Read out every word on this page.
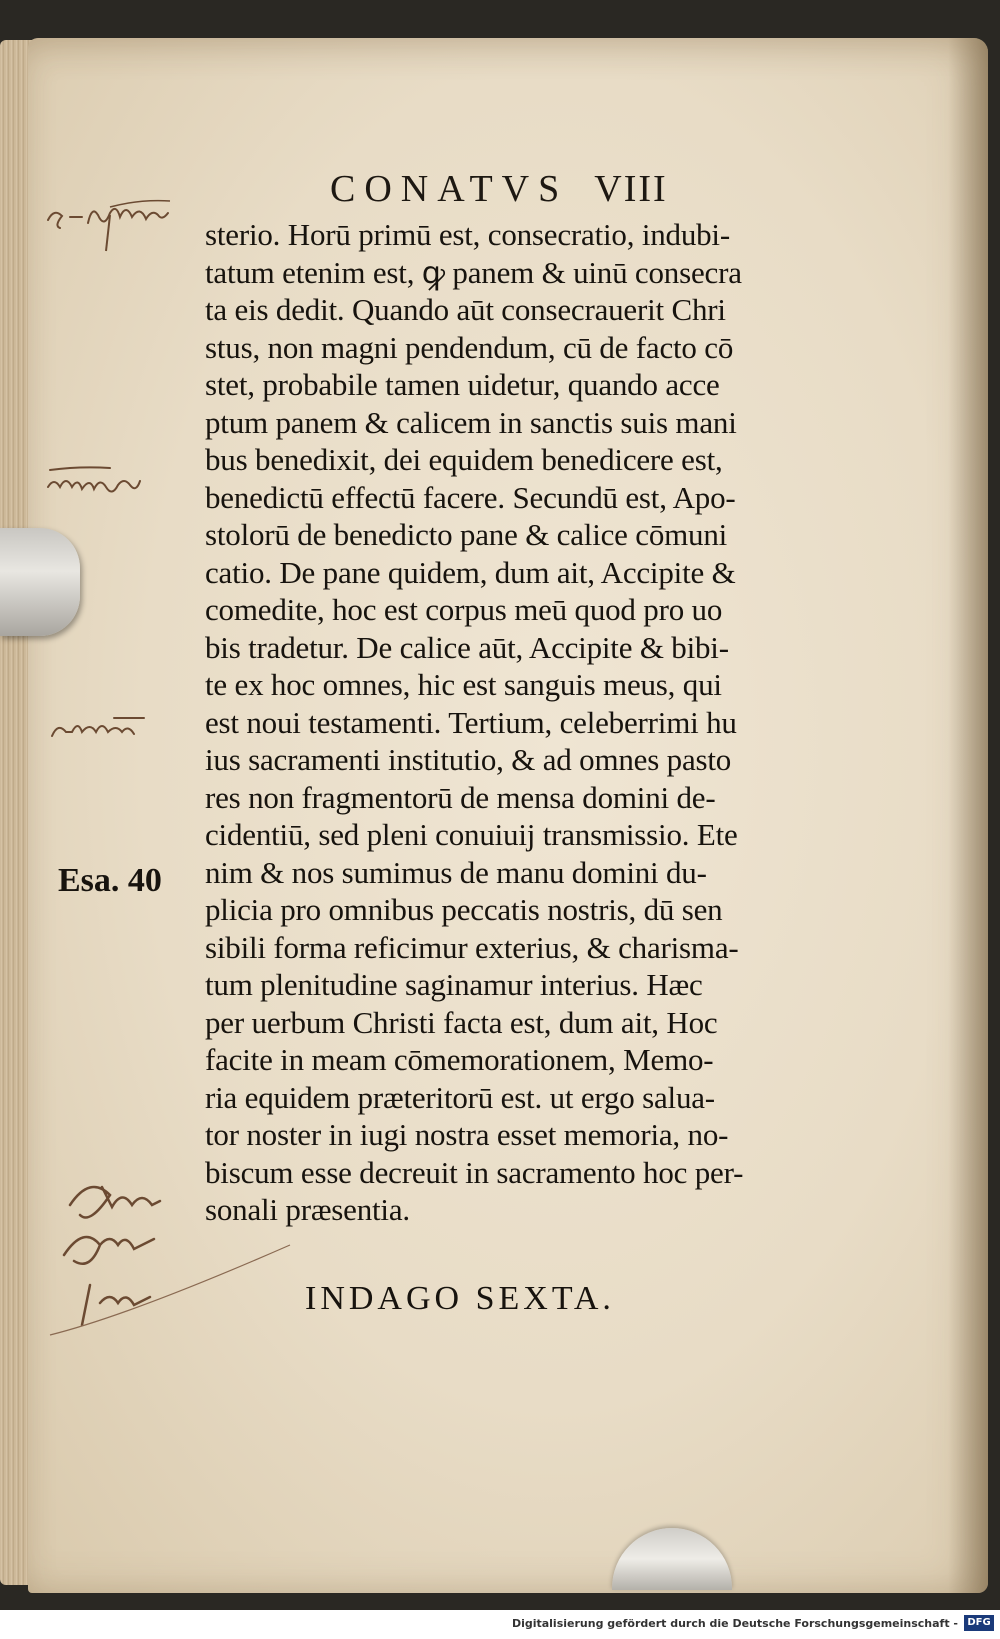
CONATVS VIII
sterio. Horū primū est, consecratio, indubi-
tatum etenim est, ꝙ panem & uinū consecra
ta eis dedit. Quando aūt consecrauerit Chri
stus, non magni pendendum, cū de facto cō
stet, probabile tamen uidetur, quando acce
ptum panem & calicem in sanctis suis mani
bus benedixit, dei equidem benedicere est,
benedictū effectū facere. Secundū est, Apo-
stolorū de benedicto pane & calice cōmuni
catio. De pane quidem, dum ait, Accipite &
comedite, hoc est corpus meū quod pro uo
bis tradetur. De calice aūt, Accipite & bibi-
te ex hoc omnes, hic est sanguis meus, qui
est noui testamenti. Tertium, celeberrimi hu
ius sacramenti institutio, & ad omnes pasto
res non fragmentorū de mensa domini de-
cidentiū, sed pleni conuiuij transmissio. Ete
nim & nos sumimus de manu domini du-
plicia pro omnibus peccatis nostris, dū sen
sibili forma reficimur exterius, & charisma-
tum plenitudine saginamur interius. Hæc
per uerbum Christi facta est, dum ait, Hoc
facite in meam cōmemorationem, Memo-
ria equidem præteritorū est. ut ergo salua-
tor noster in iugi nostra esset memoria, no-
biscum esse decreuit in sacramento hoc per-
sonali præsentia.
INDAGO SEXTA.
Esa. 40
Digitalisierung gefördert durch die Deutsche Forschungsgemeinschaft - DFG
